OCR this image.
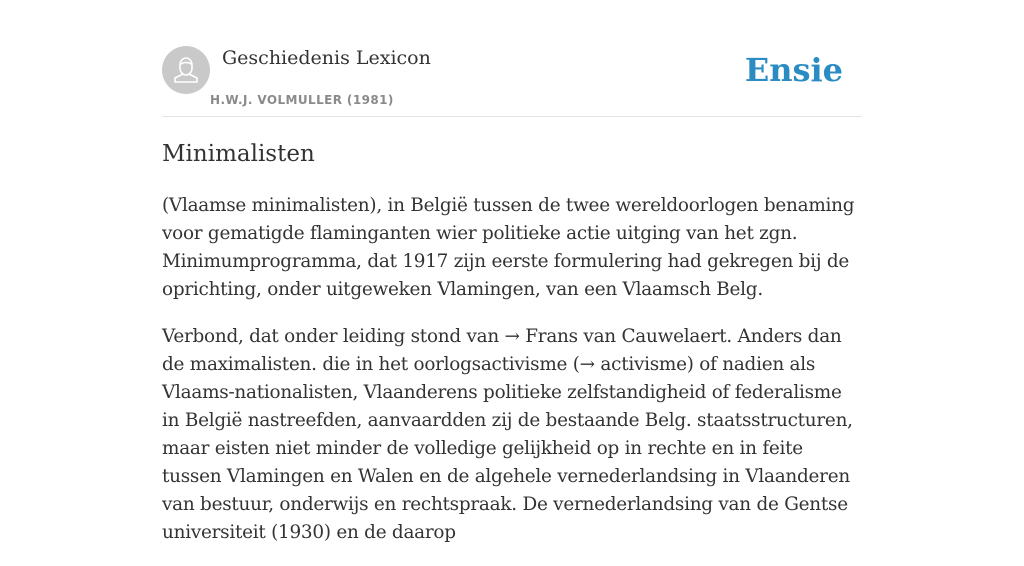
Geschiedenis Lexicon
H.W.J. VOLMULLER (1981)
Ensie
Minimalisten

(Vlaamse minimalisten), in België tussen de twee wereldoorlogen benaming voor gematigde flaminganten wier politieke actie uitging van het zgn. Minimumprogramma, dat 1917 zijn eerste formulering had gekregen bij de oprichting, onder uitgeweken Vlamingen, van een Vlaamsch Belg.

Verbond, dat onder leiding stond van → Frans van Cauwelaert. Anders dan de maximalisten. die in het oorlogsactivisme (→ activisme) of nadien als Vlaams-nationalisten, Vlaanderens politieke zelfstandigheid of federalisme in België nastreefden, aanvaardden zij de bestaande Belg. staatsstructuren, maar eisten niet minder de volledige gelijkheid op in rechte en in feite tussen Vlamingen en Walen en de algehele vernederlandsing in Vlaanderen van bestuur, onderwijs en rechtspraak. De vernederlandsing van de Gentse universiteit (1930) en de daarop
